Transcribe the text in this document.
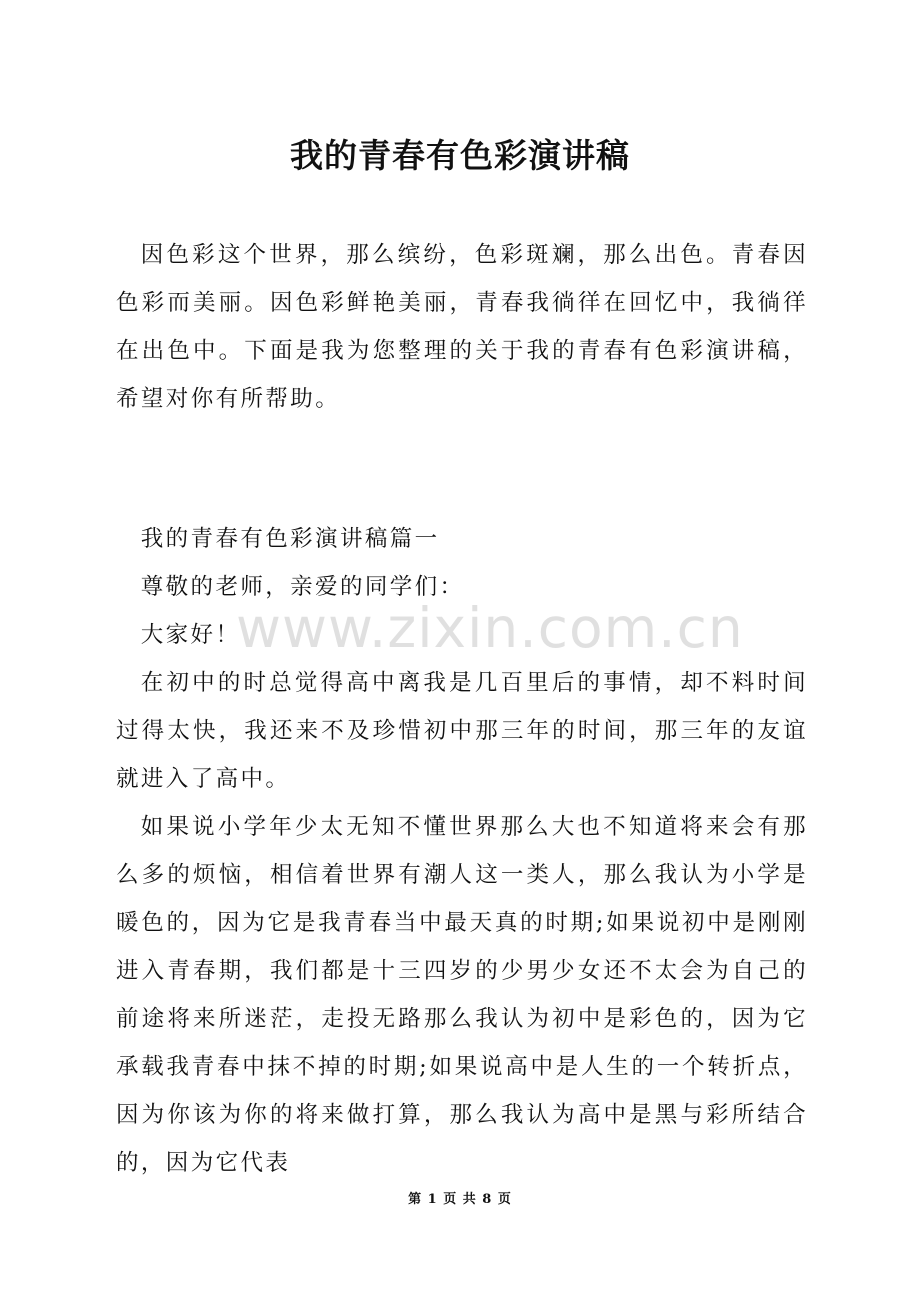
我的青春有色彩演讲稿

因色彩这个世界，那么缤纷，色彩斑斓，那么出色。青春因色彩而美丽。因色彩鲜艳美丽，青春我徜徉在回忆中，我徜徉在出色中。下面是我为您整理的关于我的青春有色彩演讲稿，希望对你有所帮助。

我的青春有色彩演讲稿篇一

尊敬的老师，亲爱的同学们：

大家好！

在初中的时总觉得高中离我是几百里后的事情，却不料时间过得太快，我还来不及珍惜初中那三年的时间，那三年的友谊就进入了高中。

如果说小学年少太无知不懂世界那么大也不知道将来会有那么多的烦恼，相信着世界有潮人这一类人，那么我认为小学是暖色的，因为它是我青春当中最天真的时期;如果说初中是刚刚进入青春期，我们都是十三四岁的少男少女还不太会为自己的前途将来所迷茫，走投无路那么我认为初中是彩色的，因为它承载我青春中抹不掉的时期;如果说高中是人生的一个转折点，因为你该为你的将来做打算，那么我认为高中是黑与彩所结合的，因为它代表

www.zixin.com.cn
第 1 页 共 8 页
